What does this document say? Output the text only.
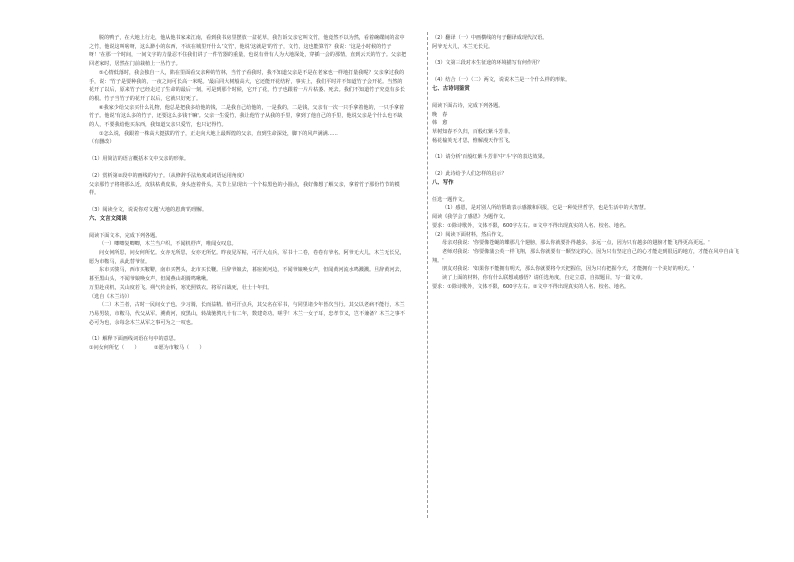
脱的鸭子，在大地上行走，他从他书家来江南，看到我书房里摆放一盆花草，我告诉父亲它叫文竹，他竟然不以为然，看着碗碟间的盆中之竹，他说这叫啥呀，这么渺小的东西，不该在城里开什么'文竹'，他说'这就是'的竹子，文竹，这也能算竹？我说：'这是小时候的竹子呀！'在那一个时间，一间文字的力量忍不住我们讲了一件竹器的重量，也说有骨有人为大地深处，穿插一会的那情，直到云天的竹子。父亲把回老家时，居然在门前栽植上一丛竹子。

⑤心情低落时，我会独自一人，陷在里面看父亲种的竹林，当竹子看我时，我不知道父亲是不是在老家也一样地打量我呢？父亲拿过我的手，说：'竹子是要种我的，一夜之间可长高一米呢。'最后同大树般高大，它还能开花结籽，事实上，我们平时并不知道竹子会开花。当然的花开了以后，原来竹子已经走过了生命的最后一刻，可是到那个时候，它开了花，竹子也跟着一片片枯萎、死去。我们不知道竹子究竟有多长的根。竹子当竹子的花开了以后，它就只好死了。

⑥我家少给父亲买什么礼物，他总是把我多给他的钱，二是我自己给他的，一是我的，二是钱，父亲有一次一只手拿着他的，一只手拿着竹子。他说'有这么多的竹子，还要这么多钱干嘛'。父亲一生爱竹，我让他竹子从我的手里，拿到了他自己的手里，他说父亲是个什么也不缺的人，不要我给他买东西，我知道父亲只爱竹，也只记得竹。

①怎么说，我跟着一株高大挺拔的竹子，正走向大地上最辉煌的父亲，直到生命深处，脚下的风声满满……

（有删改）

（1）用简洁的语言概括本文中父亲的形象。

（2）赏析第②段中的画线的句子。（从修辞手法角度或词语运用角度）

父亲那竹子将将那么近，皮肤枯黄皮肤，身头连着骨头，关节上显现出一个个棕黑色的小圆点，我好像想了解父亲，拿着竹子那份竹节的模样。

（3）阅读全文，说说你对文题'大地的恩典'的理解。

六、文言文阅读

阅读下面文本，完成下列各题。

（一）唧唧复唧唧，木兰当户织。不闻机杼声，唯闻女叹息。

问女何所思，问女何所忆。女亦无所思，女亦无所忆。昨夜见军帖，可汗大点兵，军书十二卷，卷卷有爷名。阿爷无大儿，木兰无长兄，愿为市鞍马，从此替爷征。

东市买骏马，西市买鞍鞯，南市买辔头，北市买长鞭。旦辞爷娘去，暮宿黄河边，不闻爷娘唤女声，但闻黄河流水鸣溅溅。旦辞黄河去，暮至黑山头，不闻爷娘唤女声，但闻燕山胡骑鸣啾啾。

万里赴戎机，关山度若飞。朔气传金柝，寒光照铁衣。将军百战死，壮士十年归。

（选自《木兰诗》）

（二）木兰者，古时一民间女子也。少习骑，长而益精。值可汗点兵，其父名在军书，与同里诸少年皆次当行。其父以老病不能行，木兰乃易男装，市鞍马，代父从军。溯黄河，度黑山，转战驰骋凡十有二年，数建奇功。嗟乎！木兰一女子耳，忠孝节义，岂不兼备？木兰之事不必可为也，余每念木兰从军之事可为之一叹也。

（1）解释下面画线词语在句中的意思。

①问女何所忆（　　）	②愿为市鞍马（　　）

（2）翻译（一）中画横线的句子翻译成现代汉语。

阿爷无大儿，木兰无长兄。

（3）文第三段对本生征途的环境描写有何作用？

（4）结合（一）（二）两文，说说木兰是一个什么样的形象。

七、古诗词鉴赏

阅读下面古诗，完成下列各题。

晚　春

韩　愈

草树知春不久归，百般红紫斗芳菲。

杨花榆荚无才思，惟解漫天作雪飞。

（1）请分析'百般红紫斗芳菲'中'斗'字的表达效果。

（2）此诗给予人们怎样的启示？

八、写作

任选一题作文。

（1）感恩，是对别人所给帮助表示感激和回报，它是一种处世哲学，也是生活中的大智慧。

阅读《我学会了感恩》为题作文。

要求：①除诗歌外，文体不限，600字左右。②文中不得出现真实的人名、校名、地名。

（2）阅读下面材料，然后作文。

母亲对我说：'你要像苍蝇的蝶那几个翅膀，那么你就要扑得越多，多远一点，因为只有越多的翅膀才能飞得更高更远。'

老师对我说：'你要像蒲公英一样飞翔，那么你就要有一颗坚定的心，因为只有坚定自己的心才能走到很远的地方，才能在风中自由飞翔。'

朋友对我说：'如果你不能拥有明天，那么你就要将今天把握住，因为只有把握今天，才能拥有一个美好的明天。'

读了上面的材料，你有什么联想或感悟？请任选角度，自定立意，自拟题目，写一篇文章。

要求：①除诗歌外，文体不限，600字左右。②文中不得出现真实的人名、校名、地名。
